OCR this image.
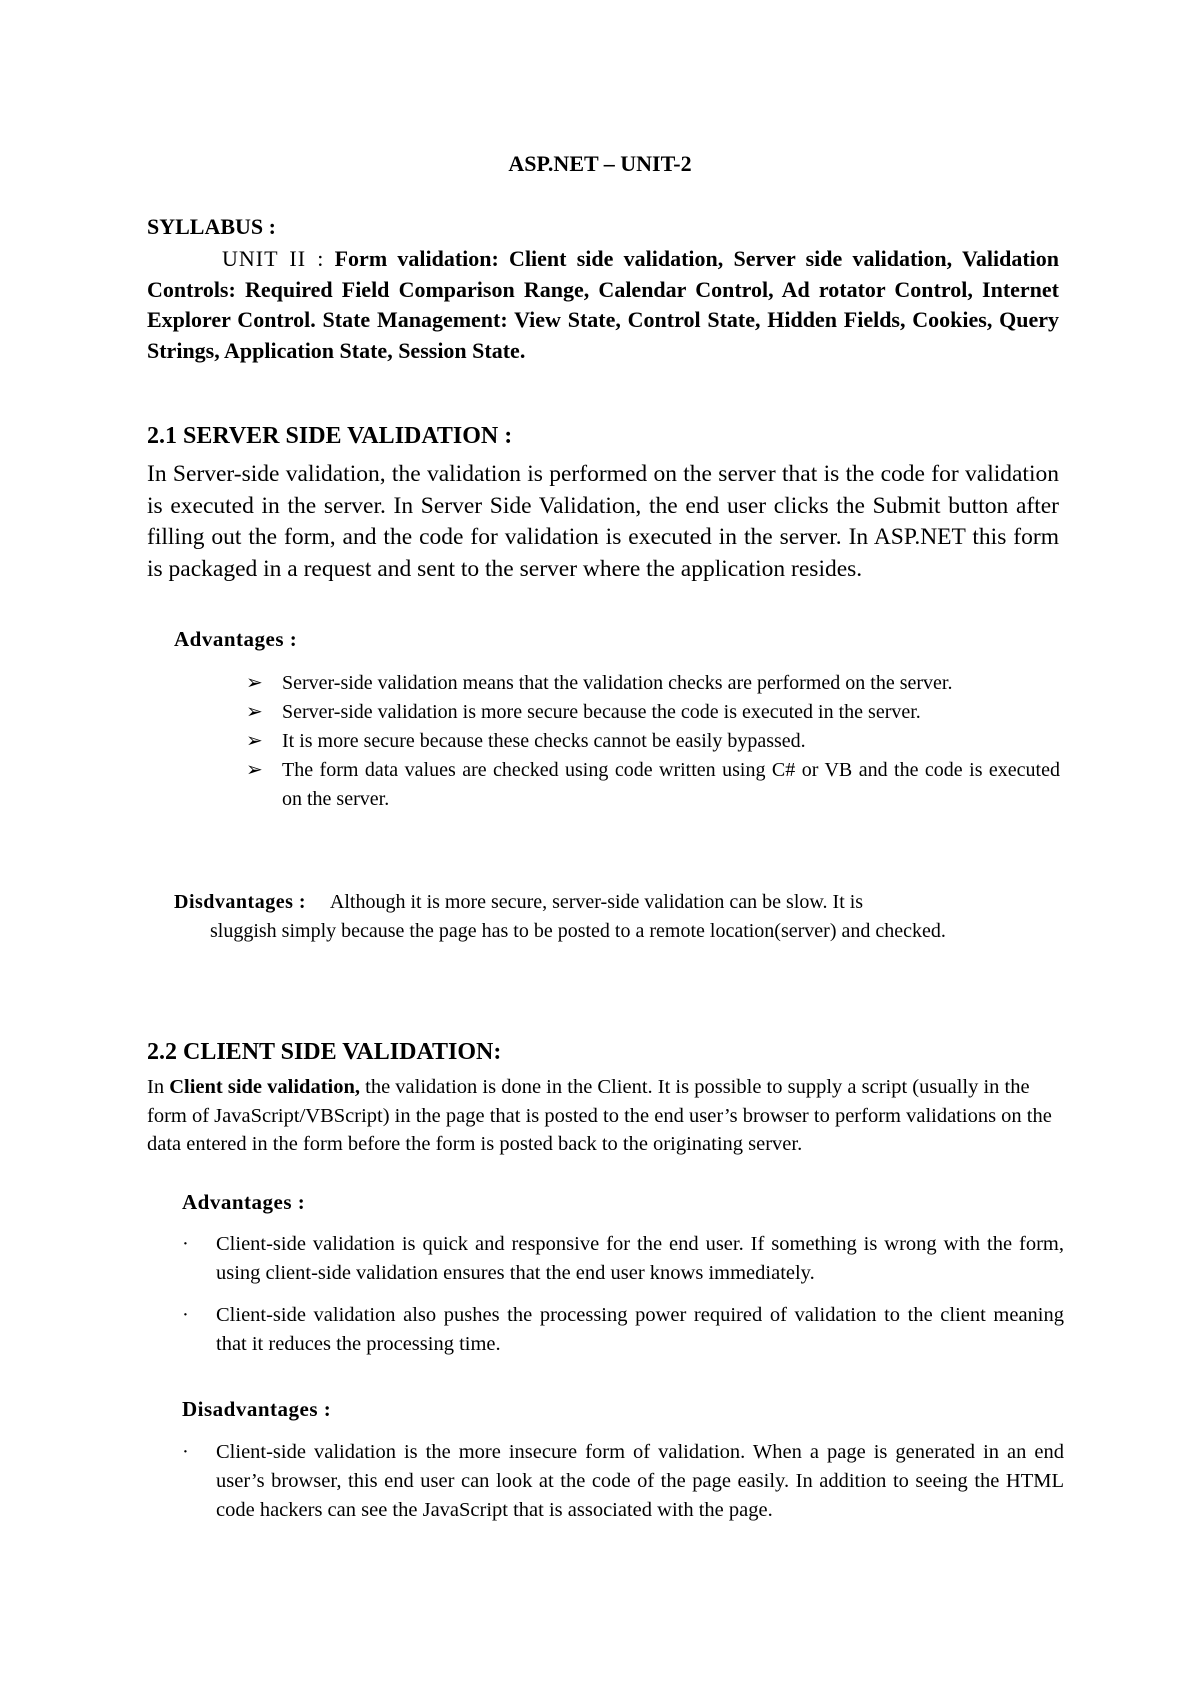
ASP.NET – UNIT-2
SYLLABUS :
UNIT II : Form validation: Client side validation, Server side validation, Validation Controls: Required Field Comparison Range, Calendar Control, Ad rotator Control, Internet Explorer Control. State Management: View State, Control State, Hidden Fields, Cookies, Query Strings, Application State, Session State.
2.1 SERVER SIDE VALIDATION :
In Server-side validation, the validation is performed on the server that is the code for validation is executed in the server. In Server Side Validation, the end user clicks the Submit button after filling out the form, and the code for validation is executed in the server. In ASP.NET this form is packaged in a request and sent to the server where the application resides.
Advantages :
➢ Server-side validation means that the validation checks are performed on the server.
➢ Server-side validation is more secure because the code is executed in the server.
➢ It is more secure because these checks cannot be easily bypassed.
➢ The form data values are checked using code written using C# or VB and the code is executed on the server.
Disdvantages : Although it is more secure, server-side validation can be slow. It is
sluggish simply because the page has to be posted to a remote location(server) and checked.
2.2 CLIENT SIDE VALIDATION:
In Client side validation, the validation is done in the Client. It is possible to supply a script (usually in the form of JavaScript/VBScript) in the page that is posted to the end user’s browser to perform validations on the data entered in the form before the form is posted back to the originating server.
Advantages :
· Client-side validation is quick and responsive for the end user. If something is wrong with the form, using client-side validation ensures that the end user knows immediately.
· Client-side validation also pushes the processing power required of validation to the client meaning that it reduces the processing time.
Disadvantages :
· Client-side validation is the more insecure form of validation. When a page is generated in an end user’s browser, this end user can look at the code of the page easily. In addition to seeing the HTML code hackers can see the JavaScript that is associated with the page.
